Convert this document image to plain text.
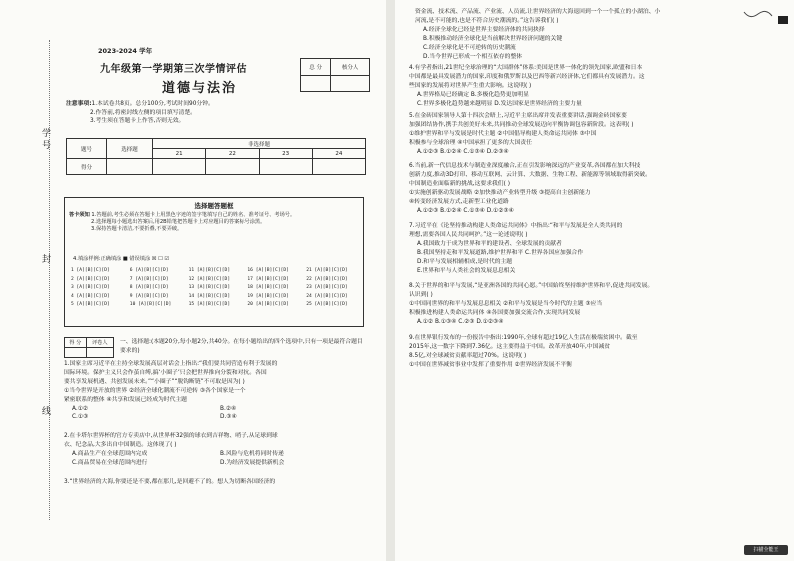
学
号
封
线
2023-2024 学年
九年级第一学期第三次学情评估
道德与法治
总 分	核分人

注意事项:1.本试卷共8页。总分100分,考试时间90分钟。

2.作答前,将密封线左侧的项目填写清楚。

3.考生须在答题卡上作答,否则无效。

题号	选择题	非选择题			
		21	22	23	24
得分					
选择题答题框

答卡须知 1.答题前,考生必须在答题卡上用黑色字迹的签字笔填写自己的姓名、准考证号、考场号。

2.选择题每小题选出答案后,用2B铅笔把答题卡上对应题目的答案标号涂黑。

3.保持答题卡清洁,不要折叠,不要弄破。

4.填涂样例:正确填涂 ■ 错误填涂 ☒ ☐ ☑
1 [A][B][C][D]	6 [A][B][C][D]	11 [A][B][C][D]	16 [A][B][C][D]	21 [A][B][C][D]
2 [A][B][C][D]	7 [A][B][C][D]	12 [A][B][C][D]	17 [A][B][C][D]	22 [A][B][C][D]
3 [A][B][C][D]	8 [A][B][C][D]	13 [A][B][C][D]	18 [A][B][C][D]	23 [A][B][C][D]
4 [A][B][C][D]	9 [A][B][C][D]	14 [A][B][C][D]	19 [A][B][C][D]	24 [A][B][C][D]
5 [A][B][C][D]	10 [A][B][C][D]	15 [A][B][C][D]	20 [A][B][C][D]	25 [A][B][C][D]
得 分	评卷人
	一、选择题:(本题20分,每小题2分,共40分。在每小题给出的四个选项中,只有一项是最符合题目要求的)

1.国家主席习近平在主持全球发展高层对话会上指出:“我们要共同营造有利于发展的

国际环境。保护主义只会作茧自缚,搞‘小圈子’只会把世界推向分裂和对抗。各国

要共享发展机遇、共创发展未来。”“小圈子”“脱钩断链”不可取是因为( )

①当今世界是开放的世界 ②经济全球化潮流不可逆转 ③各个国家是一个

紧密联系的整体 ④共享和发展已经成为时代主题

A.①②	B.②④
C.①③	D.③④

2.在卡塔尔世界杯的官方专卖店中,从世界杯32强的球衣到吉祥物、哨子,从足球到球

衣、纪念品,大多出自中国制造。这体现了( )

A.商品生产在全球范围内完成	B.风险与危机将同时传递
C.商品贸易在全球范围内进行	D.为经济发展提供新机会

3.“世界经济的大海,你要还是不要,都在那儿,是回避不了的。想人为切断各国经济的

资金流、技术流、产品流、产业流、人员流,让世界经济的大海退回到一个一个孤立的小湖泊、小

河流,是不可能的,也是不符合历史潮流的。”这告诉我们( )

A.经济全球化已经是世界主要经济体的共同抉择

B.积极推动经济全球化是当前解决世界经济问题的关键

C.经济全球化是不可逆转的历史潮流

D.当今世界已形成一个相互依存的整体

4.有学者指出,21世纪全球治理的“大国群体”体系:美国是世界一体化的领先国家,欧盟和日本

中国都是最具发展潜力的国家,印度和俄罗斯以及巴西等新兴经济体,它们都具有发展潜力。这

些国家的发展将对世界产生重大影响。这说明( )

A.世界格局已经确定 B.多极化趋势更加明显

C.世界多极化趋势越来越明显 D.发达国家是世界经济的主要力量

5.在金砖国家领导人第十四次会晤上,习近平主席出席并发表重要讲话,强调金砖国家要

加强团结协作,携手共创美好未来,共同推动全球发展迈向平衡协调包容新阶段。这表明( )

①维护世界和平与发展是时代主题 ②中国倡导构建人类命运共同体 ③中国

积极参与全球治理 ④中国承担了更多的大国责任

A.①②③ B.①②④ C.①③④ D.②③④

6.当前,新一代信息技术与制造业深度融合,正在引发影响深远的产业变革,各国都在加大科技

创新力度,推动3D打印、移动互联网、云计算、大数据、生物工程、新能源等领域取得新突破。

中国制造业面临新的挑战,这要求我们( )

①实施创新驱动发展战略 ②加快推动产业转型升级 ③提高自主创新能力

④转变经济发展方式,走新型工业化道路

A.①②③ B.①②④ C.①③④ D.①②③④

7.习近平在《论坚持推动构建人类命运共同体》中指出:“和平与发展是全人类共同的

理想,需要各国人民共同呵护。”这一论述说明( )

A.我国致力于成为世界和平的建设者、全球发展的贡献者

B.我国坚持走和平发展道路,维护世界和平 C.世界各国应加强合作

D.和平与发展相辅相成,是时代的主题

E.世界和平与人类社会的发展息息相关

8.关于世界的和平与发展,“是亚洲各国的共同心愿。”中国始终坚持维护世界和平,促进共同发展。

认识到( )

①中国同世界的和平与发展息息相关 ②和平与发展是当今时代的主题 ③应当

积极推进构建人类命运共同体 ④各国要加强交流合作,实现共同发展

A.①② B.①③④ C.②③ D.①②③④

9.在世界银行发布的一份报告中指出:1990年,全球有超过19亿人生活在极端贫困中。截至

2015年,这一数字下降到7.36亿。这主要得益于中国。改革开放40年,中国减贫

8.5亿,对全球减贫贡献率超过70%。这说明( )

①中国在世界减贫事业中发挥了重要作用 ②世界经济发展不平衡

扫描全能王
